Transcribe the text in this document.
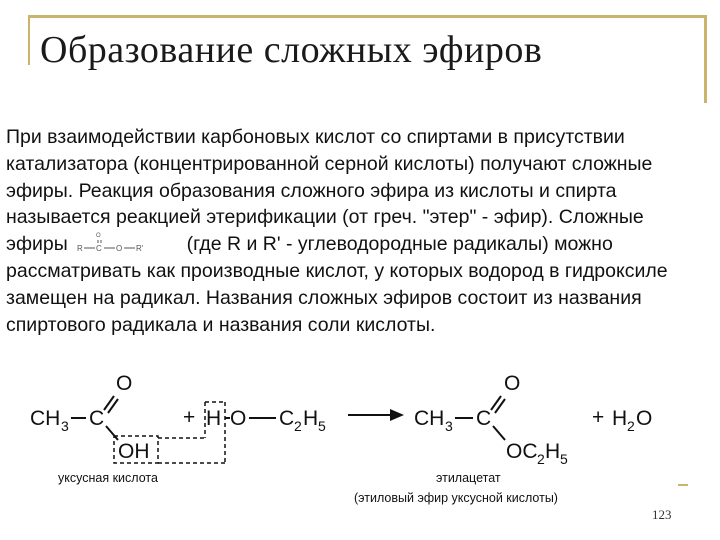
Образование сложных эфиров
При взаимодействии карбоновых кислот со спиртами в присутствии катализатора (концентрированной серной кислоты) получают сложные эфиры. Реакция образования сложного эфира из кислоты и спирта называется реакцией этерификации (от греч. "этер" - эфир). Сложные эфиры R C
O
O R' (где R и R' - углеводородные радикалы) можно рассматривать как производные кислот, у которых водород в гидроксиле замещен на радикал. Названия сложных эфиров состоит из названия спиртового радикала и названия соли кислоты.
CH 3 C
O
OH
+ H O C 2 H 5	CH 3 C
O
OC 2 H 5
+ H 2 O
уксусная кислота	этилацетат
(этиловый эфир уксусной кислоты)
123
